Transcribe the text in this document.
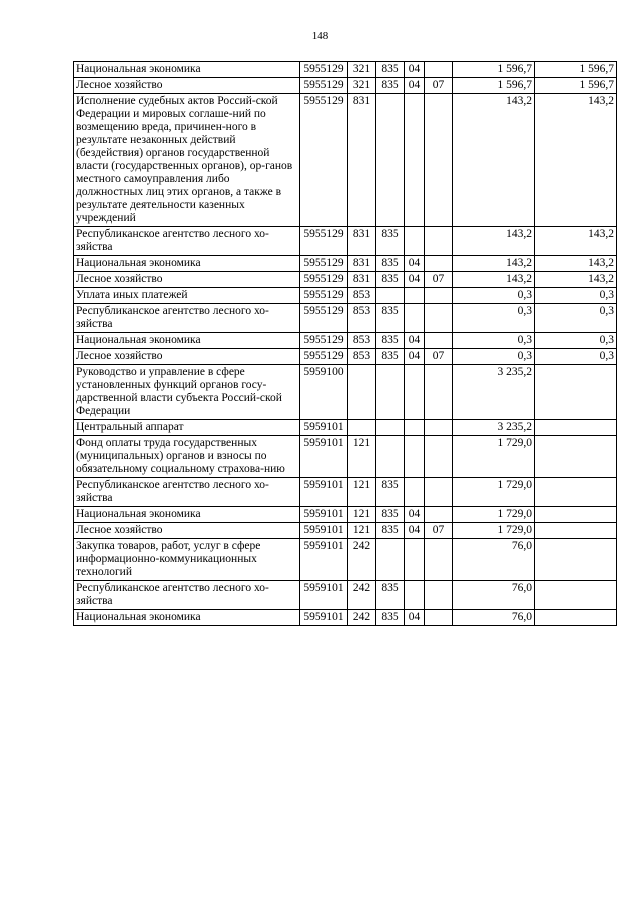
148
Национальная экономика	5955129	321	835	04		1 596,7	1 596,7
Лесное хозяйство	5955129	321	835	04	07	1 596,7	1 596,7
Исполнение судебных актов Россий-ской Федерации и мировых соглаше-ний по возмещению вреда, причинен-ного в результате незаконных действий (бездействия) органов государственной власти (государственных органов), ор-ганов местного самоуправления либо должностных лиц этих органов, а также в результате деятельности казенных учреждений	5955129	831				143,2	143,2
Республиканское агентство лесного хо-зяйства	5955129	831	835			143,2	143,2
Национальная экономика	5955129	831	835	04		143,2	143,2
Лесное хозяйство	5955129	831	835	04	07	143,2	143,2
Уплата иных платежей	5955129	853				0,3	0,3
Республиканское агентство лесного хо-зяйства	5955129	853	835			0,3	0,3
Национальная экономика	5955129	853	835	04		0,3	0,3
Лесное хозяйство	5955129	853	835	04	07	0,3	0,3
Руководство и управление в сфере установленных функций органов госу-дарственной власти субъекта Россий-ской Федерации	5959100					3 235,2	
Центральный аппарат	5959101					3 235,2	
Фонд оплаты труда государственных (муниципальных) органов и взносы по обязательному социальному страхова-нию	5959101	121				1 729,0	
Республиканское агентство лесного хо-зяйства	5959101	121	835			1 729,0	
Национальная экономика	5959101	121	835	04		1 729,0	
Лесное хозяйство	5959101	121	835	04	07	1 729,0	
Закупка товаров, работ, услуг в сфере информационно-коммуникационных технологий	5959101	242				76,0	
Республиканское агентство лесного хо-зяйства	5959101	242	835			76,0	
Национальная экономика	5959101	242	835	04		76,0	
